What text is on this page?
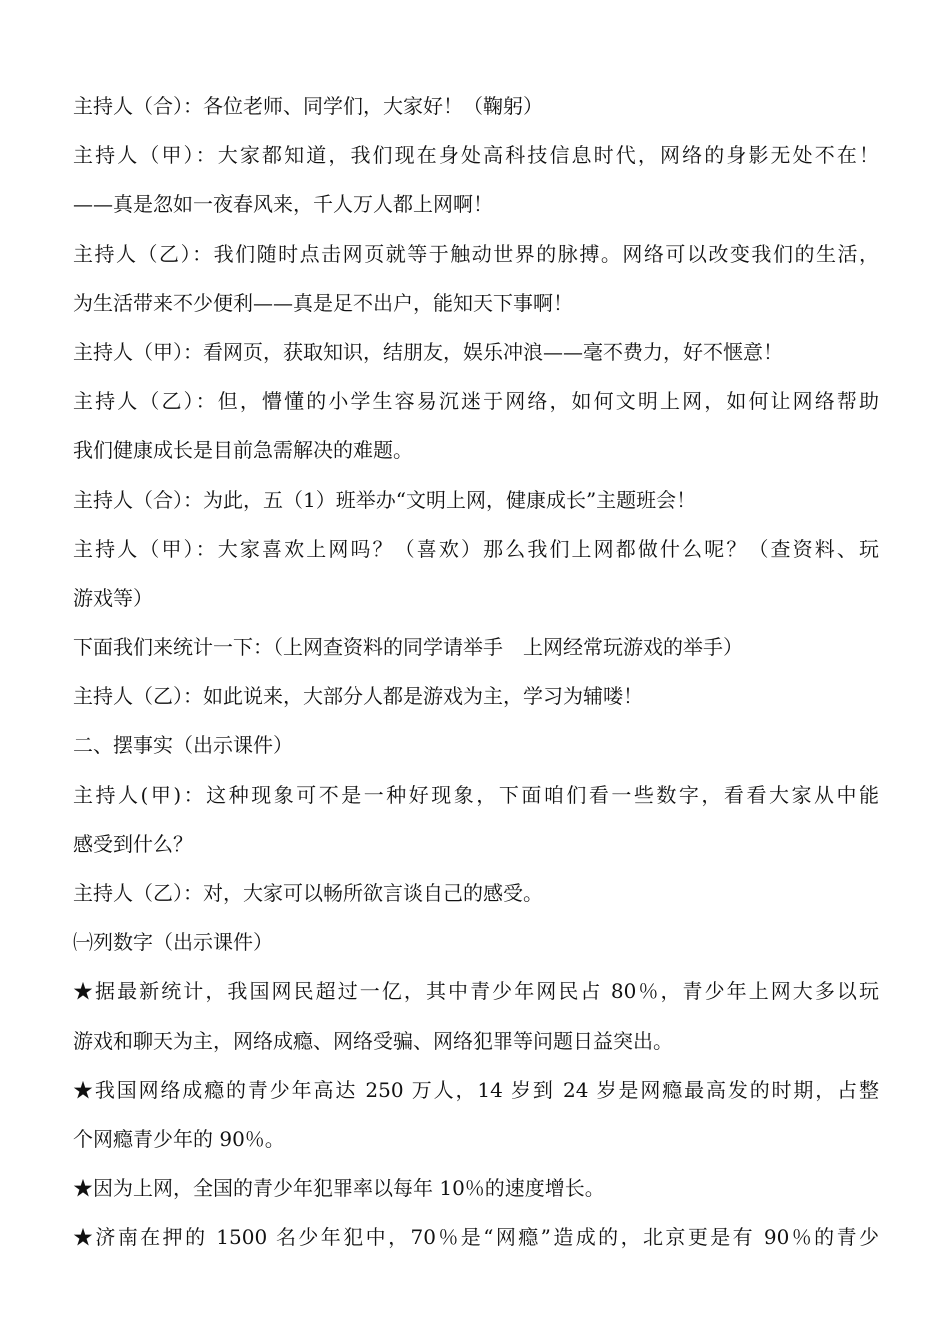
主持人（合）：各位老师、同学们，大家好！（鞠躬）
主持人（甲）：大家都知道，我们现在身处高科技信息时代，网络的身影无处不在！
——真是忽如一夜春风来，千人万人都上网啊！
主持人（乙）：我们随时点击网页就等于触动世界的脉搏。网络可以改变我们的生活，
为生活带来不少便利——真是足不出户，能知天下事啊！
主持人（甲）：看网页，获取知识，结朋友，娱乐冲浪——毫不费力，好不惬意！
主持人（乙）：但，懵懂的小学生容易沉迷于网络，如何文明上网，如何让网络帮助
我们健康成长是目前急需解决的难题。
主持人（合）：为此，五（1）班举办“文明上网，健康成长”主题班会！
主持人（甲）：大家喜欢上网吗？（喜欢）那么我们上网都做什么呢？（查资料、玩
游戏等）
下面我们来统计一下：（上网查资料的同学请举手　上网经常玩游戏的举手）
主持人（乙）：如此说来，大部分人都是游戏为主，学习为辅喽！
二、摆事实（出示课件）
主持人(甲)：这种现象可不是一种好现象，下面咱们看一些数字，看看大家从中能
感受到什么？
主持人（乙）：对，大家可以畅所欲言谈自己的感受。
㈠列数字（出示课件）
★据最新统计，我国网民超过一亿，其中青少年网民占 80％，青少年上网大多以玩
游戏和聊天为主，网络成瘾、网络受骗、网络犯罪等问题日益突出。
★我国网络成瘾的青少年高达 250 万人，14 岁到 24 岁是网瘾最高发的时期，占整
个网瘾青少年的 90％。
★因为上网，全国的青少年犯罪率以每年 10％的速度增长。
★济南在押的 1500 名少年犯中，70％是“网瘾”造成的，北京更是有 90％的青少
